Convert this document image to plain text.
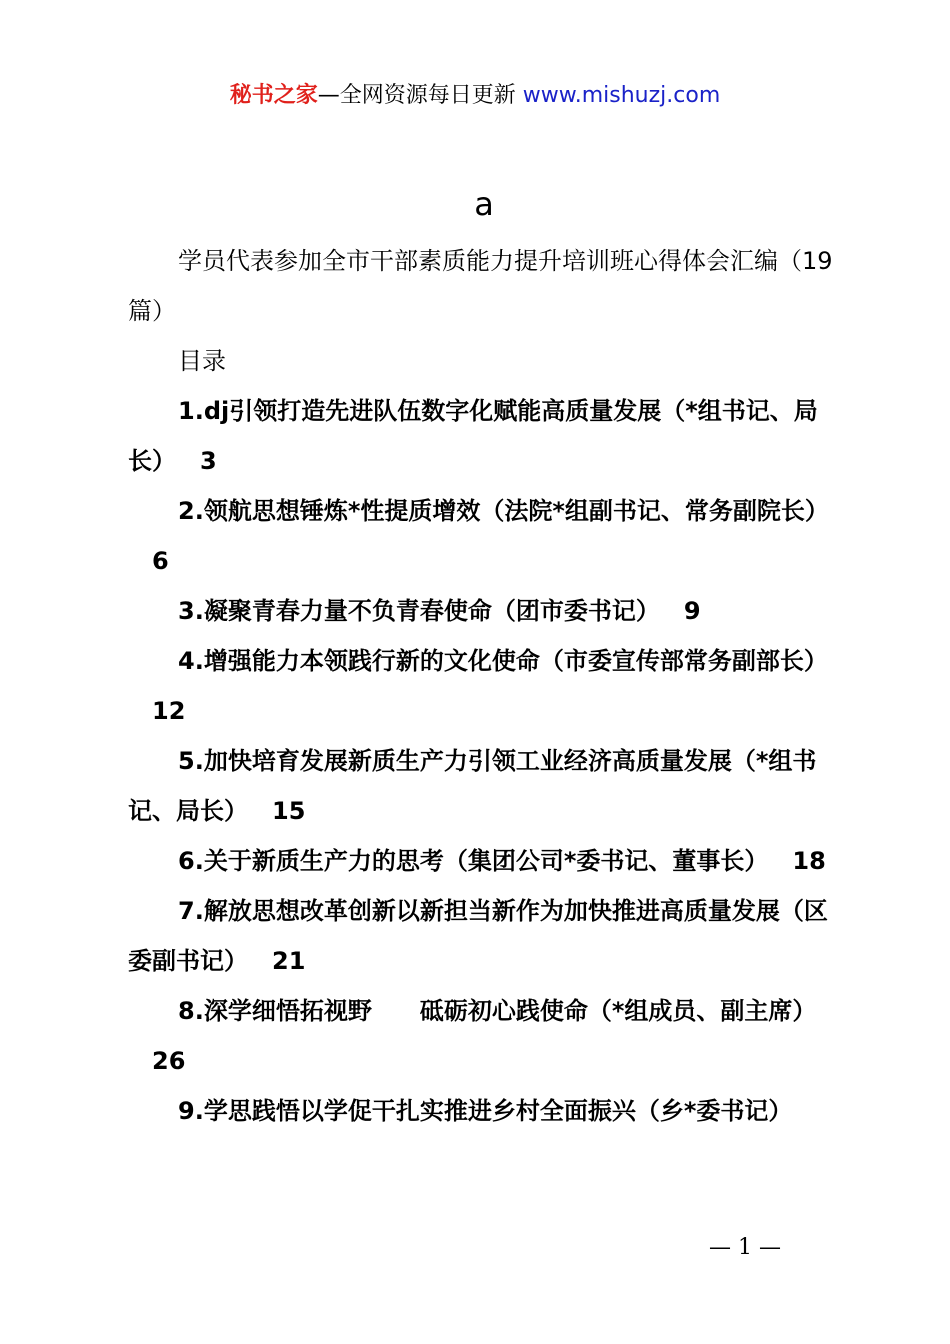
秘书之家—全网资源每日更新 www.mishuzj.com
a

学员代表参加全市干部素质能力提升培训班心得体会汇编（19篇）

目录

1.dj引领打造先进队伍数字化赋能高质量发展（*组书记、局长） 3

2.领航思想锤炼*性提质增效（法院*组副书记、常务副院长）6

3.凝聚青春力量不负青春使命（团市委书记） 9

4.增强能力本领践行新的文化使命（市委宣传部常务副部长）12

5.加快培育发展新质生产力引领工业经济高质量发展（*组书记、局长） 15

6.关于新质生产力的思考（集团公司*委书记、董事长） 18

7.解放思想改革创新以新担当新作为加快推进高质量发展（区委副书记） 21

8.深学细悟拓视野　　砥砺初心践使命（*组成员、副主席）26

9.学思践悟以学促干扎实推进乡村全面振兴（乡*委书记）

— 1 —
